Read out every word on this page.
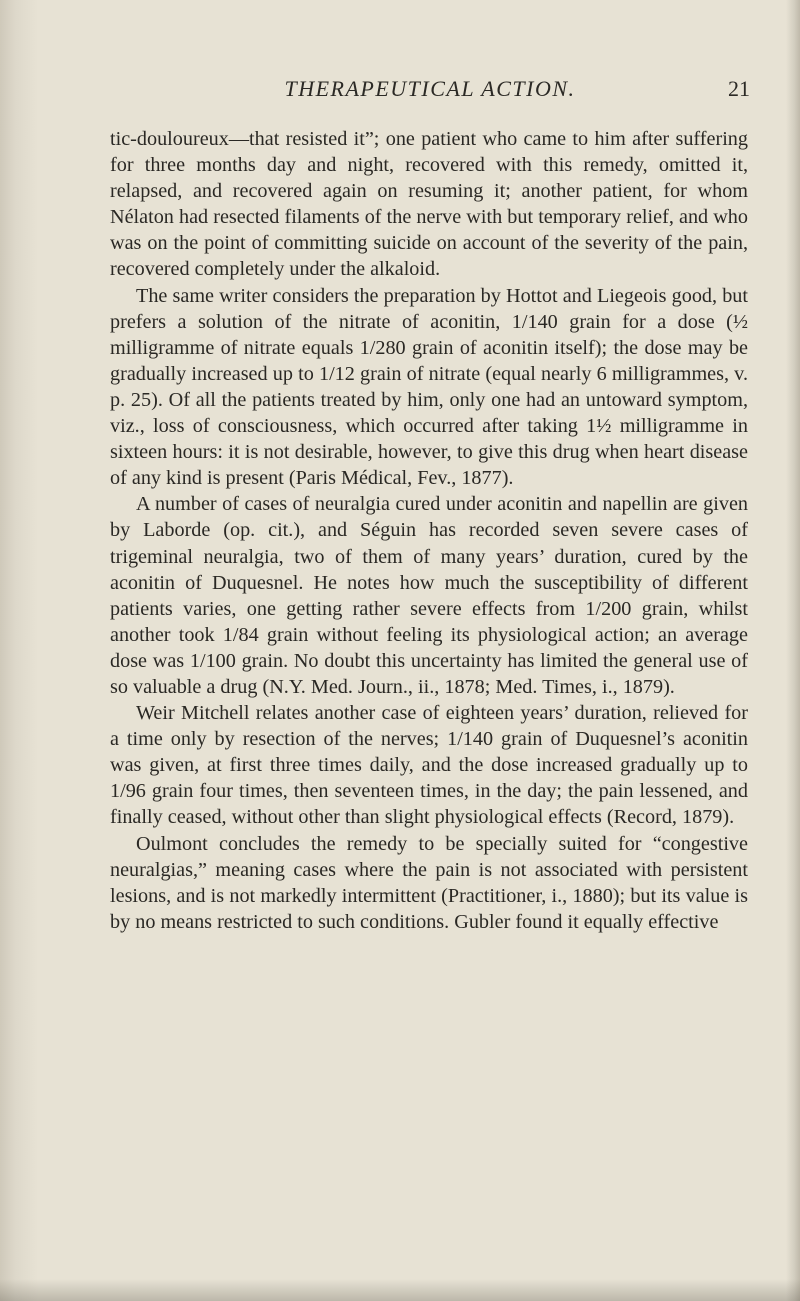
THERAPEUTICAL ACTION.	21

tic-douloureux—that resisted it”; one patient who came to him after suffering for three months day and night, recovered with this remedy, omitted it, relapsed, and recovered again on resuming it; another patient, for whom Nélaton had resected filaments of the nerve with but temporary relief, and who was on the point of committing suicide on account of the severity of the pain, recovered completely under the alkaloid.

The same writer considers the preparation by Hottot and Liegeois good, but prefers a solution of the nitrate of aconitin, 1/140 grain for a dose (½ milligramme of nitrate equals 1/280 grain of aconitin itself); the dose may be gradually increased up to 1/12 grain of nitrate (equal nearly 6 milligrammes, v. p. 25). Of all the patients treated by him, only one had an untoward symptom, viz., loss of consciousness, which occurred after taking 1½ milligramme in sixteen hours: it is not desirable, however, to give this drug when heart disease of any kind is present (Paris Médical, Fev., 1877).

A number of cases of neuralgia cured under aconitin and napellin are given by Laborde (op. cit.), and Séguin has recorded seven severe cases of trigeminal neuralgia, two of them of many years’ duration, cured by the aconitin of Duquesnel. He notes how much the susceptibility of different patients varies, one getting rather severe effects from 1/200 grain, whilst another took 1/84 grain without feeling its physiological action; an average dose was 1/100 grain. No doubt this uncertainty has limited the general use of so valuable a drug (N.Y. Med. Journ., ii., 1878; Med. Times, i., 1879).

Weir Mitchell relates another case of eighteen years’ duration, relieved for a time only by resection of the nerves; 1/140 grain of Duquesnel’s aconitin was given, at first three times daily, and the dose increased gradually up to 1/96 grain four times, then seventeen times, in the day; the pain lessened, and finally ceased, without other than slight physiological effects (Record, 1879).

Oulmont concludes the remedy to be specially suited for “congestive neuralgias,” meaning cases where the pain is not associated with persistent lesions, and is not markedly intermittent (Practitioner, i., 1880); but its value is by no means restricted to such conditions. Gubler found it equally effective
